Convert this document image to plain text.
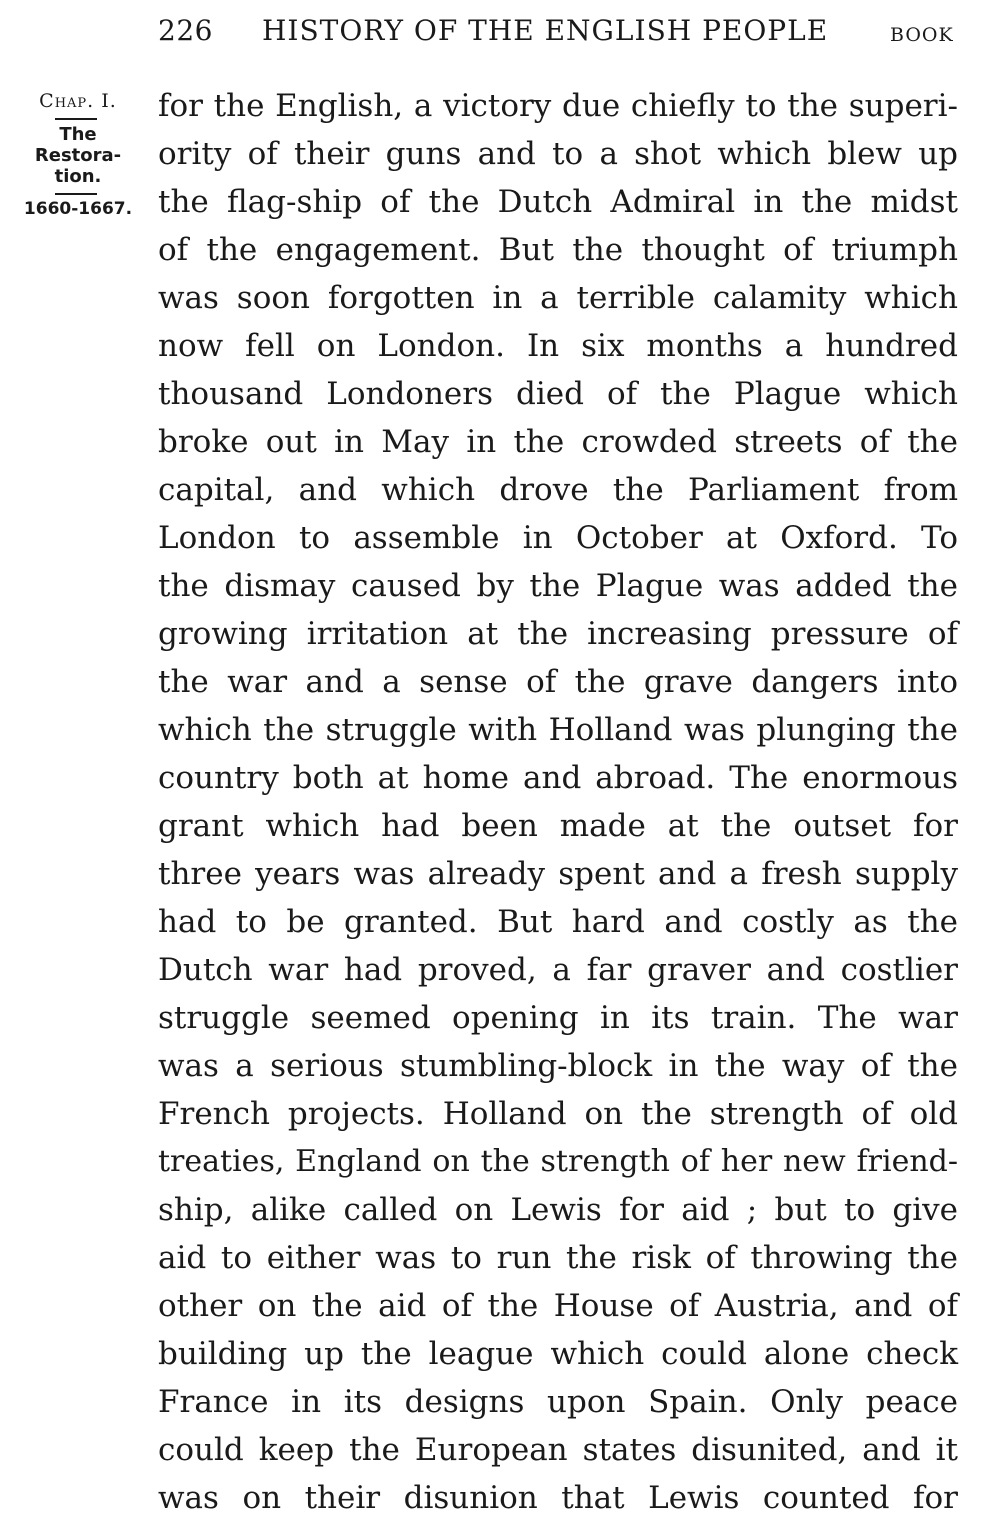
226 HISTORY OF THE ENGLISH PEOPLE	BOOK
Chap. I.
The
Restora-
tion.
1660-1667.
for the English, a victory due chiefly to the superi-
ority of their guns and to a shot which blew up
the flag-ship of the Dutch Admiral in the midst
of the engagement. But the thought of triumph
was soon forgotten in a terrible calamity which
now fell on London. In six months a hundred
thousand Londoners died of the Plague which
broke out in May in the crowded streets of the
capital, and which drove the Parliament from
London to assemble in October at Oxford. To
the dismay caused by the Plague was added the
growing irritation at the increasing pressure of
the war and a sense of the grave dangers into
which the struggle with Holland was plunging the
country both at home and abroad. The enormous
grant which had been made at the outset for
three years was already spent and a fresh supply
had to be granted. But hard and costly as the
Dutch war had proved, a far graver and costlier
struggle seemed opening in its train. The war
was a serious stumbling-block in the way of the
French projects. Holland on the strength of old
treaties, England on the strength of her new friend-
ship, alike called on Lewis for aid ; but to give
aid to either was to run the risk of throwing the
other on the aid of the House of Austria, and of
building up the league which could alone check
France in its designs upon Spain. Only peace
could keep the European states disunited, and it
was on their disunion that Lewis counted for
